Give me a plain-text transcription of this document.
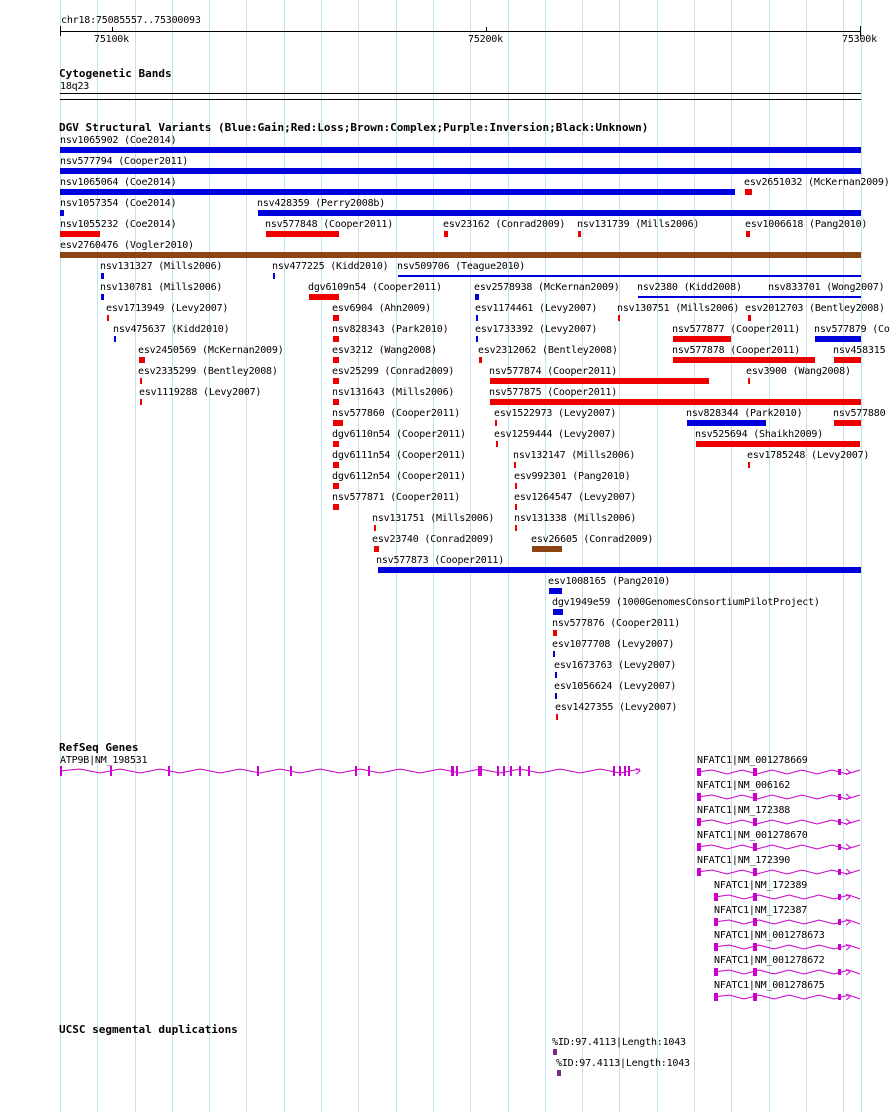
chr18:75085557..75300093
75100k	75200k	75300k
Cytogenetic Bands
18q23
DGV Structural Variants (Blue:Gain;Red:Loss;Brown:Complex;Purple:Inversion;Black:Unknown)
nsv1065902 (Coe2014)
nsv577794 (Cooper2011)
nsv1065064 (Coe2014)	esv2651032 (McKernan2009)
nsv1057354 (Coe2014)	nsv428359 (Perry2008b)
nsv1055232 (Coe2014)	nsv577848 (Cooper2011)	esv23162 (Conrad2009) nsv131739 (Mills2006)	esv1006618 (Pang2010)
esv2760476 (Vogler2010)
nsv131327 (Mills2006)	nsv477225 (Kidd2010) nsv509706 (Teague2010)
nsv130781 (Mills2006)	dgv6109n54 (Cooper2011)	esv2578938 (McKernan2009) nsv2380 (Kidd2008)	nsv833701 (Wong2007)
esv1713949 (Levy2007)	esv6904 (Ahn2009)	esv1174461 (Levy2007) nsv130751 (Mills2006) esv2012703 (Bentley2008)
nsv475637 (Kidd2010)	nsv828343 (Park2010)	esv1733392 (Levy2007)	nsv577877 (Cooper2011) nsv577879 (Co
esv2450569 (McKernan2009)	esv3212 (Wang2008)	esv2312062 (Bentley2008)	nsv577878 (Cooper2011)	nsv458315
esv2335299 (Bentley2008)	esv25299 (Conrad2009)	nsv577874 (Cooper2011)	esv3900 (Wang2008)
esv1119288 (Levy2007)	nsv131643 (Mills2006)	nsv577875 (Cooper2011)
nsv577860 (Cooper2011)	esv1522973 (Levy2007)	nsv828344 (Park2010)	nsv577880
dgv6110n54 (Cooper2011)	esv1259444 (Levy2007)	nsv525694 (Shaikh2009)
dgv6111n54 (Cooper2011)	nsv132147 (Mills2006)	esv1785248 (Levy2007)
dgv6112n54 (Cooper2011)	esv992301 (Pang2010)
nsv577871 (Cooper2011)	esv1264547 (Levy2007)
nsv131751 (Mills2006) nsv131338 (Mills2006)
esv23740 (Conrad2009)	esv26605 (Conrad2009)
nsv577873 (Cooper2011)
esv1008165 (Pang2010)
dgv1949e59 (1000GenomesConsortiumPilotProject)
nsv577876 (Cooper2011)
esv1077708 (Levy2007)
esv1673763 (Levy2007)
esv1056624 (Levy2007)
esv1427355 (Levy2007)
RefSeq Genes
ATP9B|NM_198531	NFATC1|NM_001278669
NFATC1|NM_006162
NFATC1|NM_172388
NFATC1|NM_001278670
NFATC1|NM_172390
NFATC1|NM_172389
NFATC1|NM_172387
NFATC1|NM_001278673
NFATC1|NM_001278672
NFATC1|NM_001278675
UCSC segmental duplications
%ID:97.4113|Length:1043
%ID:97.4113|Length:1043
